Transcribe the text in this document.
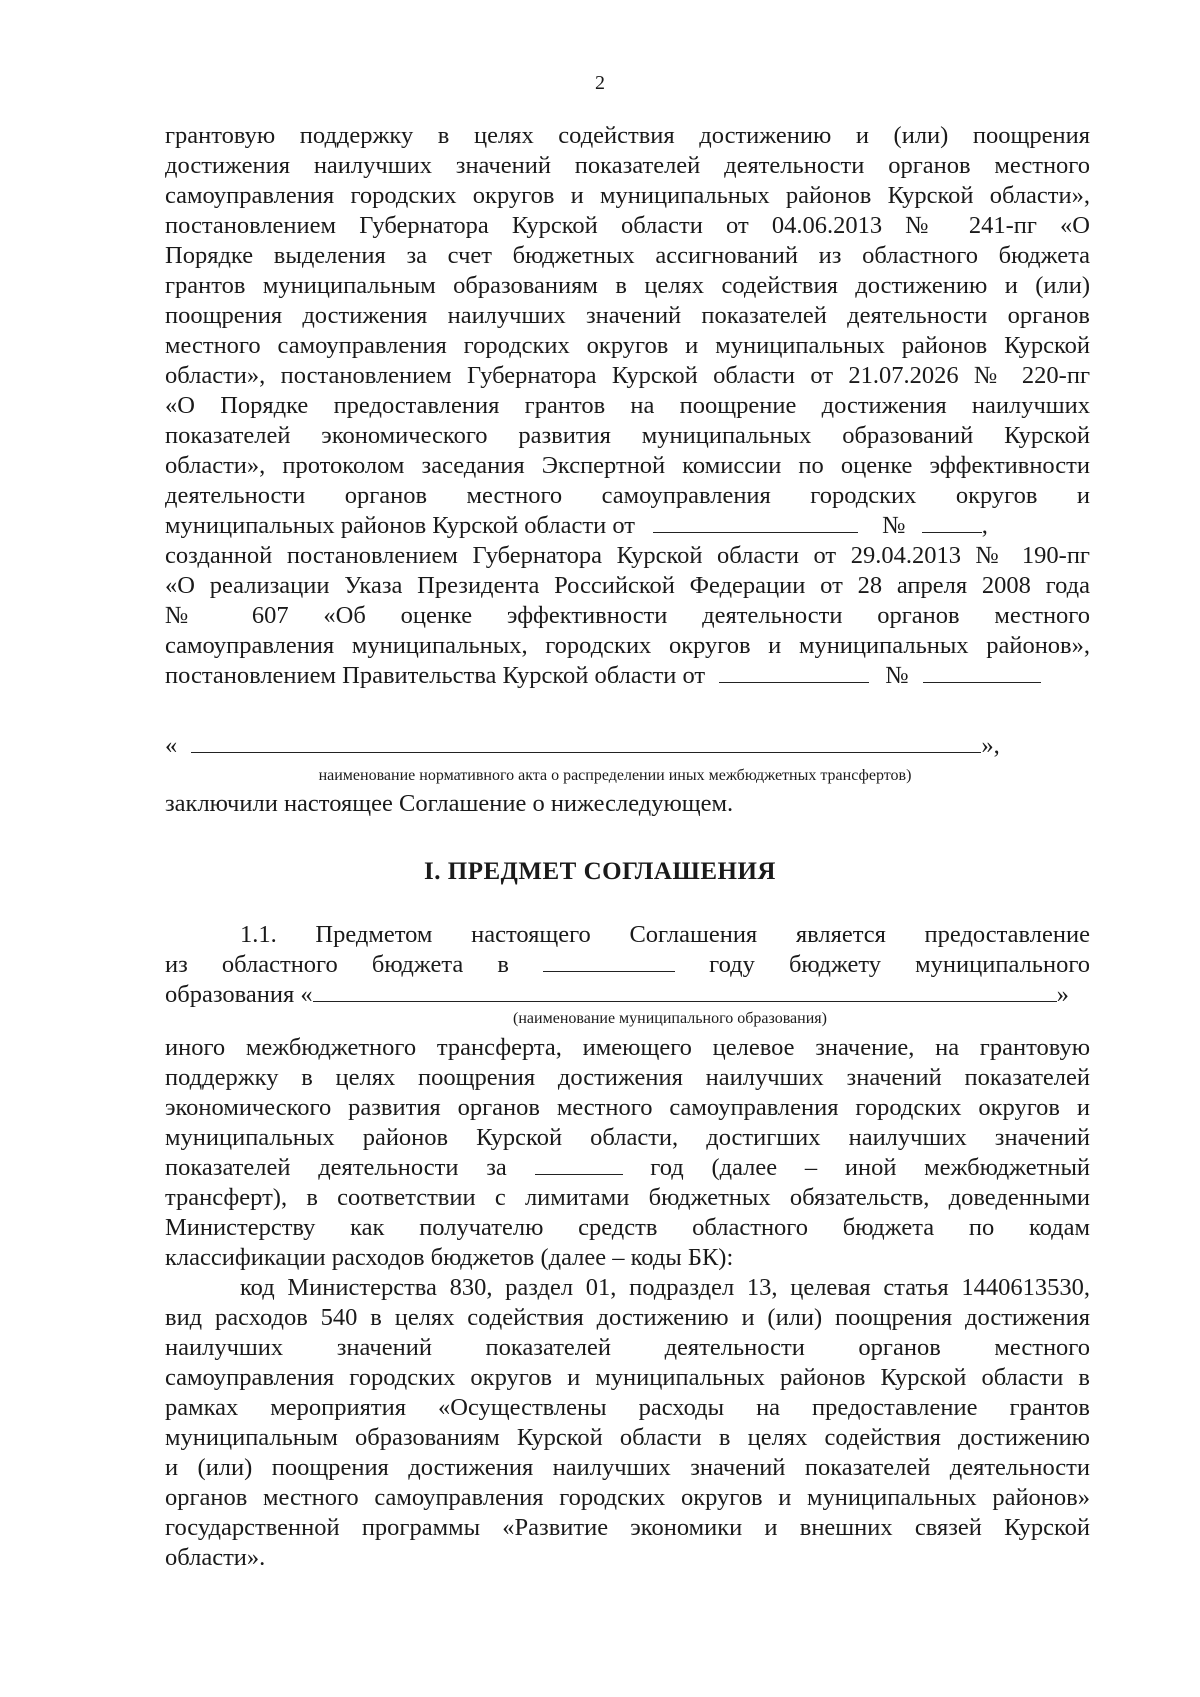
2
грантовую поддержку в целях содействия достижению и (или) поощрения
достижения наилучших значений показателей деятельности органов местного
самоуправления городских округов и муниципальных районов Курской области»,
постановлением Губернатора Курской области от 04.06.2013 № 241-пг «О
Порядке выделения за счет бюджетных ассигнований из областного бюджета
грантов муниципальным образованиям в целях содействия достижению и (или)
поощрения достижения наилучших значений показателей деятельности органов
местного самоуправления городских округов и муниципальных районов Курской
области», постановлением Губернатора Курской области от 21.07.2026 № 220-пг
«О Порядке предоставления грантов на поощрение достижения наилучших
показателей экономического развития муниципальных образований Курской
области», протоколом заседания Экспертной комиссии по оценке эффективности
деятельности органов местного самоуправления городских округов и
муниципальных районов Курской области от	№	,
созданной постановлением Губернатора Курской области от 29.04.2013 № 190-пг
«О реализации Указа Президента Российской Федерации от 28 апреля 2008 года
№ 607 «Об оценке эффективности деятельности органов местного
самоуправления муниципальных, городских округов и муниципальных районов»,
постановлением Правительства Курской области от	№
«	»,
наименование нормативного акта о распределении иных межбюджетных трансфертов)
заключили настоящее Соглашение о нижеследующем.
I. ПРЕДМЕТ СОГЛАШЕНИЯ
1.1. Предметом настоящего Соглашения является предоставление
из областного бюджета в	году бюджету муниципального
образования «	»
(наименование муниципального образования)
иного межбюджетного трансферта, имеющего целевое значение, на грантовую
поддержку в целях поощрения достижения наилучших значений показателей
экономического развития органов местного самоуправления городских округов и
муниципальных районов Курской области, достигших наилучших значений
показателей деятельности за	год (далее – иной межбюджетный
трансферт), в соответствии с лимитами бюджетных обязательств, доведенными
Министерству как получателю средств областного бюджета по кодам
классификации расходов бюджетов (далее – коды БК):
код Министерства 830, раздел 01, подраздел 13, целевая статья 1440613530,
вид расходов 540 в целях содействия достижению и (или) поощрения достижения
наилучших значений показателей деятельности органов местного
самоуправления городских округов и муниципальных районов Курской области в
рамках мероприятия «Осуществлены расходы на предоставление грантов
муниципальным образованиям Курской области в целях содействия достижению
и (или) поощрения достижения наилучших значений показателей деятельности
органов местного самоуправления городских округов и муниципальных районов»
государственной программы «Развитие экономики и внешних связей Курской
области».
